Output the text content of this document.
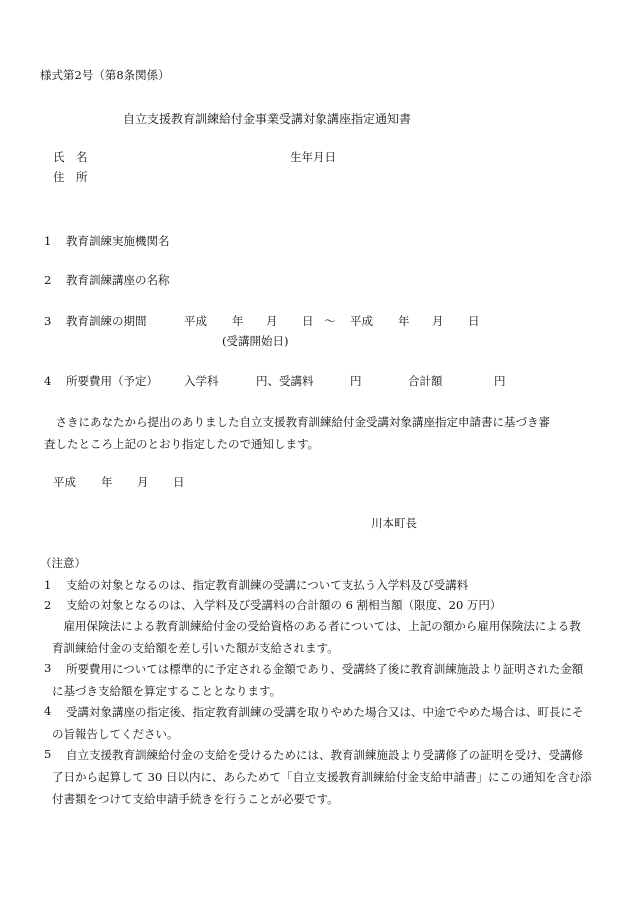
様式第2号（第8条関係）
自立支援教育訓練給付金事業受講対象講座指定通知書
氏　名	生年月日
住　所
1 教育訓練実施機関名
2 教育訓練講座の名称
3 教育訓練の期間	平成 年 月 日 〜 平成 年 月 日
(受講開始日)
4 所要費用（予定） 入学科	円、受講料	円	合計額	円
さきにあなたから提出のありました自立支援教育訓練給付金受講対象講座指定申請書に基づき審査したところ上記のとおり指定したので通知します。
平成 年 月 日
川本町長
（注意）
1 支給の対象となるのは、指定教育訓練の受講について支払う入学料及び受講料
2 支給の対象となるのは、入学料及び受講料の合計額の 6 割相当額（限度、20 万円）
雇用保険法による教育訓練給付金の受給資格のある者については、上記の額から雇用保険法による教育訓練給付金の支給額を差し引いた額が支給されます。
3	所要費用については標準的に予定される金額であり、受講終了後に教育訓練施設より証明された金額に基づき支給額を算定することとなります。
4	受講対象講座の指定後、指定教育訓練の受講を取りやめた場合又は、中途でやめた場合は、町長にその旨報告してください。
5	自立支援教育訓練給付金の支給を受けるためには、教育訓練施設より受講修了の証明を受け、受講修了日から起算して 30 日以内に、あらためて「自立支援教育訓練給付金支給申請書」にこの通知を含む添付書類をつけて支給申請手続きを行うことが必要です。
